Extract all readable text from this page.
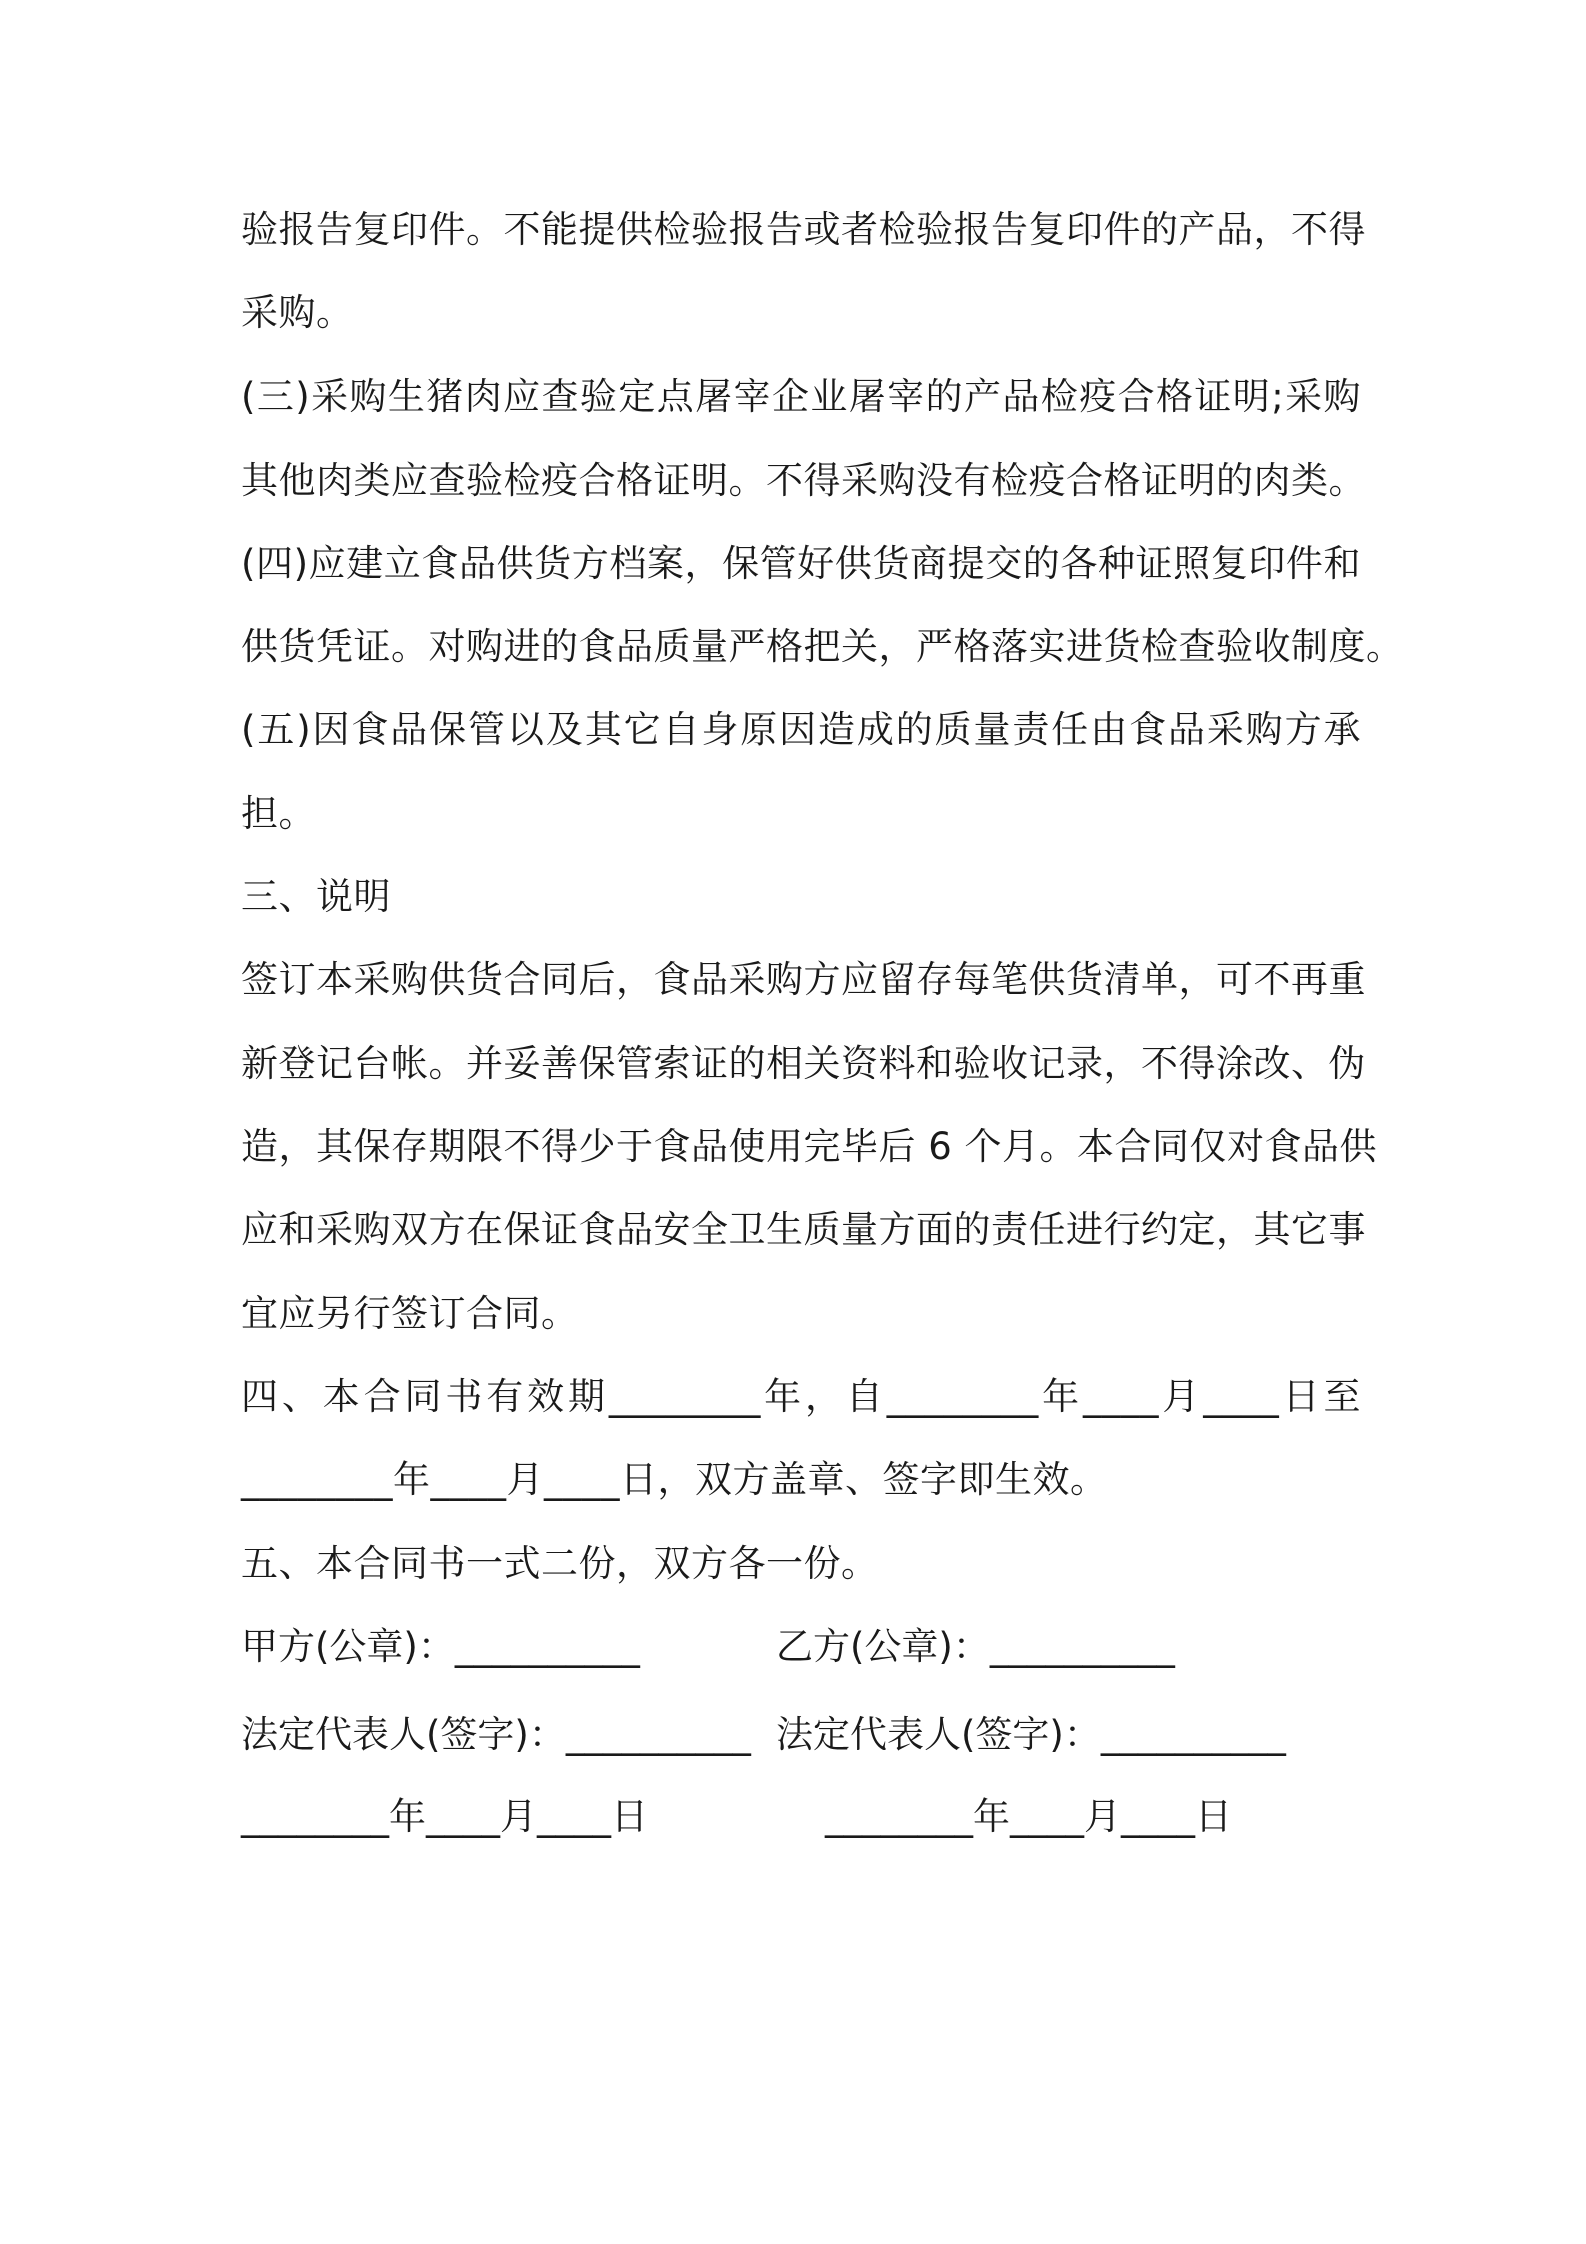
验报告复印件。不能提供检验报告或者检验报告复印件的产品，不得
采购。
(三)采购生猪肉应查验定点屠宰企业屠宰的产品检疫合格证明;采购
其他肉类应查验检疫合格证明。不得采购没有检疫合格证明的肉类。
(四)应建立食品供货方档案，保管好供货商提交的各种证照复印件和
供货凭证。对购进的食品质量严格把关，严格落实进货检查验收制度。
(五)因食品保管以及其它自身原因造成的质量责任由食品采购方承
担。
三、说明
签订本采购供货合同后，食品采购方应留存每笔供货清单，可不再重
新登记台帐。并妥善保管索证的相关资料和验收记录，不得涂改、伪
造，其保存期限不得少于食品使用完毕后 6 个月。本合同仅对食品供
应和采购双方在保证食品安全卫生质量方面的责任进行约定，其它事
宜应另行签订合同。
四、本合同书有效期________年，自________年____月____日至
________年____月____日，双方盖章、签字即生效。
五、本合同书一式二份，双方各一份。
甲方(公章)：__________	乙方(公章)：__________
法定代表人(签字)：__________ 法定代表人(签字)：__________
________年____月____日	________年____月____日
